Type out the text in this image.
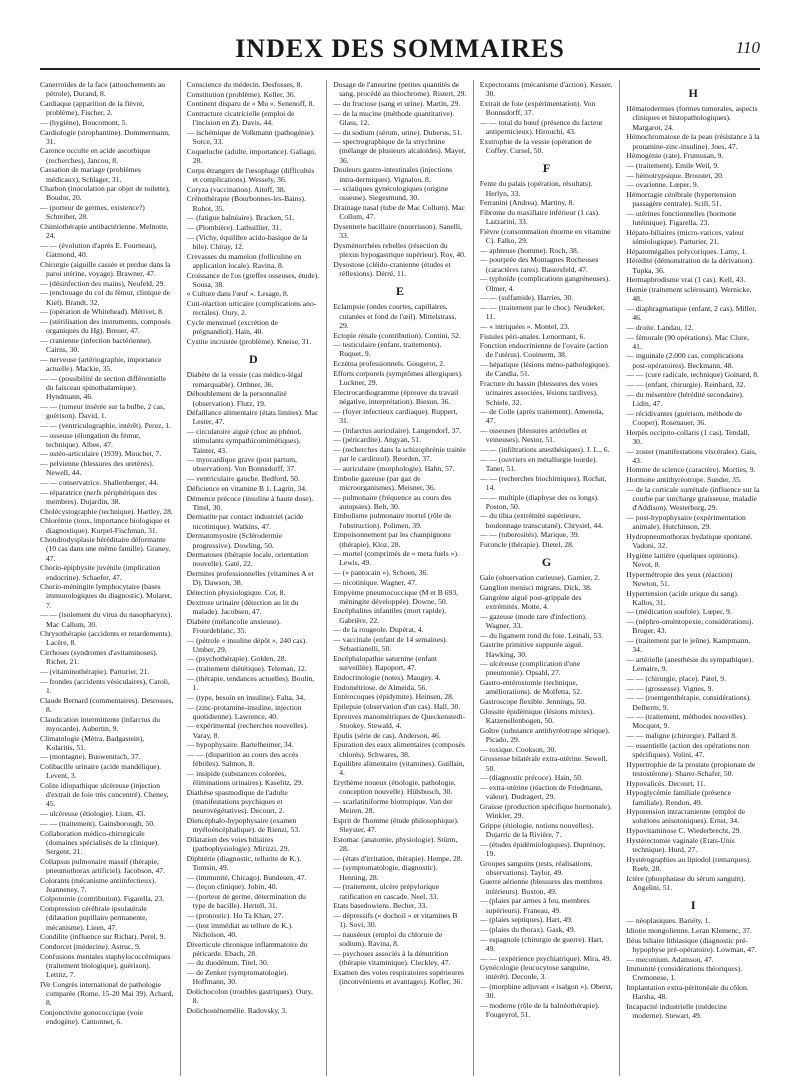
INDEX DES SOMMAIRES	110
Canerroïdes de la face (attouchements au pétrole), Durand, 8.
Cardiaque (apparition de la fièvre, problème), Fischer, 2.
— (hygiène), Boucomont, 5.
Cardiologie (strophantine). Dommermann, 31.
Carence occulte en acide ascorbique (recherches), Jancou, 8.
Cassation de mariage (problèmes médicaux), Schlager, 31.
Charbon (inoculation par objet de toilette), Boudot, 20.
— (porteur de germes, existence?) Schreiber, 28.
Chimiothérapie antibactérienne. Melnotte, 24.
— — (évolution d'après E. Fourneau), Gatmond, 40.
Chirurgie (aiguille cassée et perdue dans la paroi utérine, voyage). Brawner, 47.
— (désinfection des mains), Neufeld, 29.
— (enclouage du col du fémur, clinique de Kiel). Brandt, 32.
— (opération de Whitehead). Métivet, 8.
— (stérilisation des instruments, composés organiques du Hg). Breuer, 47.
— cranienne (infection bactérienne). Cairns, 30.
— nerveuse (artériographie, importance actuelle). Mackie, 35.
— — (possibilité de section différentielle du faisceau spinothalamique). Hyndmann, 46.
— — (tumeur insérée sur la bulbe, 2 cas, guérison). David, 1.
— — (ventriculographie, intérêt). Perez, 1.
— osseuse (élongation du fémur, technique). Albee, 47.
— ostéo-articulaire (1939). Mouchet, 7.
— pelvienne (blessures des uretères). Newell, 44.
— — conservatrice. Shallenberger, 44.
— réparatrice (nerfs périphériques des membres). Dujardin, 38.
Cholécystographie (technique). Hartley, 28.
Chlorémie (toux, importance biologique et diagnostique). Kurpel-Fischman, 31.
Chondrodysplasie héréditaire déformante (10 cas dans une même famille). Graney, 47.
Chorio-épiphysite juvénile (implication endocrine). Schaefer, 47.
Chorio-méningite lymphocytaire (bases immunologiques du diagnostic). Molaret, 7.
— — (isolement du virus du nasopharynx). Mac Callum, 30.
Chrysothérapie (accidents et retardements). Lacère, 8.
Cirrhoses (syndromes d'avitaminoses). Richet, 21.
— (vitaminothérapie). Parturier, 21.
— frondes (accidents vésiculaires), Caroli, 1.
Claude Bernard (commentaires). Desrosses, 8.
Claudication intermittente (infarctus du myocarde). Aubertin, 9.
Climatologie (Mètra, Badgastein), Kolaritis, 51.
— (montagne). Buswenitsch, 37.
Colibacille urinaire (acide mandélique). Levent, 3.
Colite idiopathique ulcéreuse (injection d'extrait de foie très concentré). Cheney, 45.
— ulcéreuse (étiologie). Lium, 43.
— — (traitement). Gainsborough, 50.
Collaboration médico-chirurgicale (domaines spécialisés de la clinique). Sergent, 21.
Collapsus pulmonaire massif (thérapie, pneumothorax artificiel). Jacobson, 47.
Colorants (mécanisme antiinfectieux). Jeanneney, 7.
Colpotomie (contribution). Figarella, 23.
Compression cérébrale ipsolatérale (dilatation pupillaire permanente, mécanisme). Lieen, 47.
Condilite (influence sur Richat). Perel, 9.
Condorcet (médecine). Astruc, 9.
Confusions mentales staphylococcémiques (traitement biologique), guérison). Lettitz, 7.
IVe Congrès international de pathologie comparée (Rome, 15-20 Mai 39). Achard, 8.
Conjonctivite gonococcique (voie endogène). Cantonnet, 6.
Conscience du médecin. Desfosses, 8.
Constitution (problème). Keller, 36.
Continent disparu de « Mu ». Senenoff, 8.
Contracture cicatricielle (emploi de l'incision en Z). Davis, 44.
— ischémique de Volkmann (pathogénie). Sorce, 33.
Coqueluche (adulte, importance). Galiago, 28.
Corps étrangers de l'œsophage (difficultés et complications). Wessely, 36.
Coryza (vaccination). Aitoff, 38.
Crénothérapie (Bourbonnes-les-Bains). Rohot, 35.
— (fatigue balnéaire). Bracken, 51.
— (Plombière). Lathuillier, 31.
— (Vichy, équilibre acido-basique de la bile). Chiray, 12.
Crevasses du mamelon (folliculine en application locale). Ravina, 8.
Croissance de l'os (greffes osseuses, étude). Sousa, 38.
« Culture dans l'œuf ». Lesage, 8.
Cuti-réaction urticaire (complications ano-rectales). Oury, 2.
Cycle menstruel (excrétion de prégnandiol). Hain, 40.
Cystite incrustée (problème). Kneise, 31.
D
Diabète de la vessie (cas médico-légal remarquable). Orthner, 36.
Déboublement de la personnalité (observation). Flutz, 19.
Défaillance alimentaire (états limites). Mac Lester, 47.
— circulatoire aiguë (choc au phénol, stimulants sympathicomimétiques). Tainter, 43.
— myocardique grave (post partum, observation). Von Bonnsdorff, 37.
— ventriculaire gauche. Bedford, 50.
Déficience en vitamine B 1. Lagrin, 34.
Démence précoce (insuline à haute dose). Tittel, 30.
Dermatite par contact industriel (acide nicotinique). Watkins, 47.
Dermatomyosite (Sclérodermie progressive). Dowling, 50.
Dermatoses (thérapie locale, orientation nouvelle). Gaté, 22.
Dermites professionnelles (vitamines A et D). Dawson, 38.
Détection physiologique. Cot, 8.
Dextrose urinaire (détection au lit du malade). Jacobsen, 47.
Diabète (mélancolie anxieuse). Frourdeblanc, 35.
— (pétrole « insuline dépôt », 240 cas). Umber, 29.
— (psychothérapie). Golden, 28.
— (traitement diététique). Teleman, 12.
— (thérapie, tendances actuelles). Boulin, 1.
— (type, besoin en insuline). Falta, 34.
— (zinc-protamine-insuline, injection quotidienne). Lawrence, 40.
— expérimental (recherches nouvelles). Varay, 8.
— hypophysaire. Bartelheimer, 34.
— — (disparition au cours des accès fébriles). Salmon, 8.
— insipide (substances colorées, éliminations urinaires). Kaselitz, 29.
Diathèse spasmodique de l'adulte (manifestations psychiques et neurovégétatives). Decourt, 2.
Diencéphalo-hypophysaire (examen myéloéncéphalique). de Rienzi, 53.
Dilatation des voies biliaires (pathophysiologie). Mirizzi, 29.
Diphtérie (diagnostic, tellurite de K.). Tomsin, 49.
— (immunité, Chicago). Bundesen, 47.
— (leçon clinique). Jobin, 40.
— (porteur de germe, détermination du type de bacille). Hertell, 31.
— (pronostic). Ho Ta Khan, 27.
— (test immédiat au tellure de K.). Nicholson, 40.
Diverticule chronique inflammatoire du péricarde. Ebach, 28.
— du duodénum. Titel, 30.
— de Zenker (symptomatologie). Hoffmann, 30.
Dolichocolon (troubles gastriques). Oury, 8.
Dolichosténomélie. Radovsky, 3.
Dosage de l'aneurine (petites quantités de sang, procédé au thiochrome). Ristert, 29.
— du fructose (sang et urine). Martin, 29.
— de la mucine (méthode quantitative). Glass, 12.
— du sodium (sérum, urine). Duberus, 51.
— spectrographique de la strychnine (mélange de plusieurs alcaloïdes). Mayer, 36.
Douleurs gastro-intestinales (injections intra-dermiques). Vignalou, 8.
— sciatiques gynécologiques (origine osseuse). Siegesmund, 30.
Drainage nasal (tube de Mac Collum). Mac Collum, 47.
Dysenterie bacillaire (nourrisson). Sanelli, 33.
Dysménorrhées rebelles (résection du plexus hypogastrique supérieur). Roy, 40.
Dysostose (cléido-cranienne (études et réflexions). Dérré, 11.
E
Eclampsie (ondes courtes, capillaires, cutanées et fond de l'œil). Mittelstrass, 29.
Ectopie rénale (contribution). Contini, 52.
— testiculaire (enfant, traitements). Ruquet, 9.
Eczéma professionnels. Gougerot, 2.
Efforts corporels (symptômes allergiques). Luckner, 29.
Electrocardiogramme (épreuve du travail négative, interprétation). Biesun, 36.
— (foyer infectieux cardiaque). Ruppert, 31.
— (infarctus auriculaire). Langendorf, 37.
— (péricardite). Angyan, 51.
— (recherches dans la schizophrénie traitée par le cardiozol). Reorden, 37.
— auriculaire (morphologie). Hahn, 57.
Embolie gazeuse (par gaz de microorganismes). Meisner, 36.
— pulmonaire (fréquence au cours des autopsies). Belt, 30.
Embolisme pulmonaire mortel (rôle de l'obstruction). Polimen, 39.
Empoisonnement par les champignons (thérapie). Kloz, 28.
— mortel (comprimés de « meta fuels »). Lewis, 49.
— (« pantocain »). Schoen, 36.
— nicotinique. Wagner, 47.
Empyème pneumococcique (M et B 693, méningite développée). Downe, 50.
Encéphalites infantiles (mort rapide). Gabriëre, 22.
— de la rougeole. Dupérat, 4.
— vaccinale (enfant de 14 semaines). Sebastianelli, 50.
Encéphalopathie saturnine (enfant surveillée). Rapoport, 47.
Endocrinologie (notes). Maugey, 4.
Endométriose. de Almeida, 56.
Entérocoques (épidymite). Heinsen, 28.
Epilepsie (observation d'un cas). Hall, 30.
Epreuves manométriques de Queckenstedt-Stookey. Stewald, 4.
Epulis (série de cas). Anderson, 46.
Epuration des eaux alimentaires (composés chlorés). Schwares, 38.
Equilibre alimentaire (vitamines). Guillain, 4.
Erythème noueux (étiologie, pathologie, conception nouvelle). Hülsbusch, 30.
— scarlatiniforme biotropique. Van der Meiren, 28.
Esprit de l'homme (étude philosophique). Sleyster, 47.
Estomac (anatomie, physiologie). Stürm, 28.
— (états d'irritation, thérapie). Hempe, 28.
— (symptomatologie, diagnostic). Henning, 28.
— (traitement, ulcère prépylorique ratification en cascade. Neel, 33.
Etats basedowiens. Becher, 33.
— dépressifs (« dochoil » et vitamines B 1). Sovi, 30.
— nauséeux (emploi du chlorure de sodium). Ravina, 8.
— psychoses associés à la dénutrition (thérapie vitaminique). Cleckley, 47.
Examen des voies respiratoires supérieures (inconvénients et avantages). Kofler, 36.
Expectorants (mécanisme d'action). Kesser, 30.
Extrait de foie (expérimentation). Von Bonnsdorff, 37.
— — total du bœuf (présence du facteur antipernicieux). Hirouchi, 43.
Exstrophie de la vessie (opération de Coffey. Cursel, 50.
F
Fente du palais (opération, résultats). Herlyn, 33.
Ferranini (Andrea). Martiny, 8.
Fibrome du maxillaire inférieur (1 cas). Lazzarini, 33.
Fièvre (consommation énorme en vitamine C). Falko, 29.
— aphteuse (homme). Roch, 38.
— pourprée des Montagnes Rocheuses (caractères rares). Bauersfeld, 47.
— typhoïde (complications gangréneuses). Olmer, 4.
— — (sulfamide). Harries, 30.
— — (traitement par le choc). Neudeker, 11.
— « intriquées ». Montel, 23.
Fistules péri-anales. Lenormant, 6.
Fonction endocrinienne de l'ovaire (action de l'utérus). Couinerm, 38.
— hépatique (lésions méno-pathologique). de Candia, 51.
Fracture du bassin (blessures des voies urinaires associées, lésions tardives). Schiele, 32.
— de Colle (après traitement). Amenola, 47.
— osseuses (blessures artérielles et veineuses). Nestor, 51.
— — (infiltrations anesthésiques). J. L., 6.
— — (ouvriers en métallurgie lourde). Taner, 51.
— — (recherches biochimiques). Rochat, 14.
— — multiple (diaphyse des os longs). Poston, 50.
— du tibia (extrémité supérieure, boulonnage transcutané). Chrysiel, 44.
— — (tuberosités). Marique, 39.
Furoncle (thérapie). Dietel, 28.
G
Gale (observation curieuse). Garnier, 2.
Ganglion menisci migrans. Dick, 38.
Gangrène aiguë post-grippale des extrémités. Motte, 4.
— gazeuse (mode rare d'infection). Wagner, 33.
— du ligament rond du foie. Leinali, 53.
Gastrite primitive suppurée aiguë. Hawking, 30.
— ulcéreuse (complication d'une pneumonie). Opsahl, 27.
Gastro-entérostomie (technique, améliorations). de Molfetta, 52.
Gastroscope flexible. Jennings, 50.
Glossite épidémique (lésions mixtes). Katzenellenbogen, 50.
Goître (substance antithyréotrope sérique). Picado, 29.
— toxique. Cookson, 30.
Grossesse bilatérale extra-utérine. Sewell, 50.
— (diagnostic précoce). Hain, 50.
— extra-utérine (réaction de Friedmann, valeur). Dudragert, 29.
Graisse (production spécifique hormonale). Winkler, 29.
Grippe (étiologie, notions nouvelles). Dujarric de la Rivière, 7.
— (études épidémiologiques). Duprénoy, 19.
Groupes sanguins (tests, réalisations, observations). Taylor, 49.
Guerre aérienne (blessures des membres inférieurs). Buxton, 49.
— (plaies par armes à feu, membres supérieurs). Franeau, 49.
— (plaies septiques). Hart, 49.
— (plaies du thorax). Gask, 49.
— espagnole (chirurgie de guerre). Hart, 49.
— — (expérience psychiatrique). Mira, 49.
Gynécologie (leucocytose sanguine, intérêt). Decoule, 3.
— (morphine adjuvant « isalgon »). Oberst, 30.
— moderne (rôle de la balnéothérapie). Fougeyrol, 51.
H
Hématodermies (formes tumorales, aspects cliniques et histopathologiques). Margarot, 24.
Hémochromatose de la peau (résistance à la protamine-zinc-insuline). Joes, 47.
Hémogénie (rate). Frumusan, 9.
— (traitement). Emile Weil, 9.
— hémotrypsique. Broustet, 20.
— ovarienne. Lœper, 9.
Hémorragie cérébrale (hypertension passagère centrale). Scill, 51.
— utérines fonctionnelles (hormone lutéinique). Figarella, 23.
Hépato-biliaires (micro-varices, valeur sémiologique). Parturier, 21.
Hépatomégalies polycoriques. Lamy, 1.
Hérédité (démonstration de la dérivation). Tupka, 36.
Hermaphrodisme vrai (1 cas). Kell, 43.
Hernie (traitement sclérosant). Wernicke, 48.
— diaphragmatique (enfant, 2 cas). Miller, 46.
— droite. Landau, 12.
— fémorale (90 opérations). Mac Clure, 41.
— inguinale (2.000 cas, complications post-opératoires). Beckmann, 48.
— — (cure radicale, technique) Goinard, 8.
— — (enfant, chirurgie). Reinhard, 32.
— du mésentère (hérédité secondaire). Lidin, 47.
— récidivantes (guérison, méthode de Cooper). Rosenauer, 36.
Herpès occipito-collaris (1 cas). Tendall, 30.
— zoster (manifestations viscérales). Gais, 43.
Homme de science (caractère). Morties, 9.
Hormone antithyréotrope. Sunder, 35.
— de la corticale surrénale (influence sur la courbe par surcharge graisseuse, maladie d'Addison). Westerburg, 29.
— post-hypophysaire (expérimentation animale). Hutchinson, 29.
Hydropneumothorax hydatique spontané. Vadoni, 32.
Hygiène laitière (quelques opinions). Nevot, 8.
Hypermétropie des yeux (réaction) Newton, 51.
Hypertension (acide urique du sang). Kallos, 31.
— (médication soufrée). Lœper, 9.
— (néphro-oméntopexie, considérations). Bruger, 43.
— (traitement par le jeûne). Kampmann, 34.
— artérielle (anesthésie du sympathique). Lemaire, 9.
— — (chirurgie, place). Patel, 9.
— — (grossesse). Vignes, 9.
— — (roentgenthérapie, considérations). Delherm, 9.
— — (traitement, méthodes nouvelles). Mocquot, 9.
— — maligne (chirurgie). Pallard 8.
— essentielle (action des opérations non spécifiques). Volini, 47.
Hypertrophie de la prostate (propionate de testostérone). Sharer-Schafer, 50.
Hypovalicès. Decourt, 11.
Hypoglycémie familiale (présence familiale). Rendon, 49.
Hypotension intracranienne (emploi de solutions anisotoniques). Ernst, 34.
Hypovitaminose C. Wiederbrecht, 29.
Hystérectomie vaginale (Etats-Unis technique). Hurd, 27.
Hystérographies au lipiodol (remarques). Reeb, 28.
Ictère (phosphatase du sérum sanguin). Angelini, 51.
I
— néoplasiques. Bariéty, 1.
Idiotie mongolienne. Leran Klemenc, 37.
Iléus biliaire lithiasique (diagnostic pré-hypophyse pré-opératoire). Lowman, 47.
— meconium. Adamson, 47.
Immunité (considérations théoriques). Cremonese, 1.
Implantation extra-péritonéale du côlon. Harsha, 48.
Incapacité industrielle (médecine moderne). Stewart, 49.
